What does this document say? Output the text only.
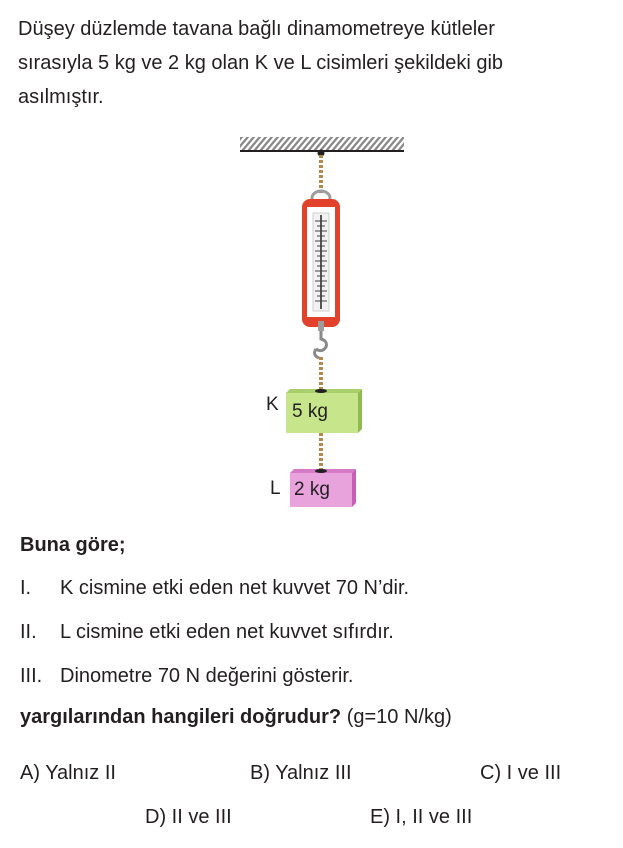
Düşey düzlemde tavana bağlı dinamometreye kütleler
sırasıyla 5 kg ve 2 kg olan K ve L cisimleri şekildeki gib
asılmıştır.
K 5 kg
L 2 kg
Buna göre;
I. K cismine etki eden net kuvvet 70 N’dir.
II. L cismine etki eden net kuvvet sıfırdır.
III. Dinometre 70 N değerini gösterir.
yargılarından hangileri doğrudur? (g=10 N/kg)
A) Yalnız II	B) Yalnız III	C) I ve III
D) II ve III	E) I, II ve III
